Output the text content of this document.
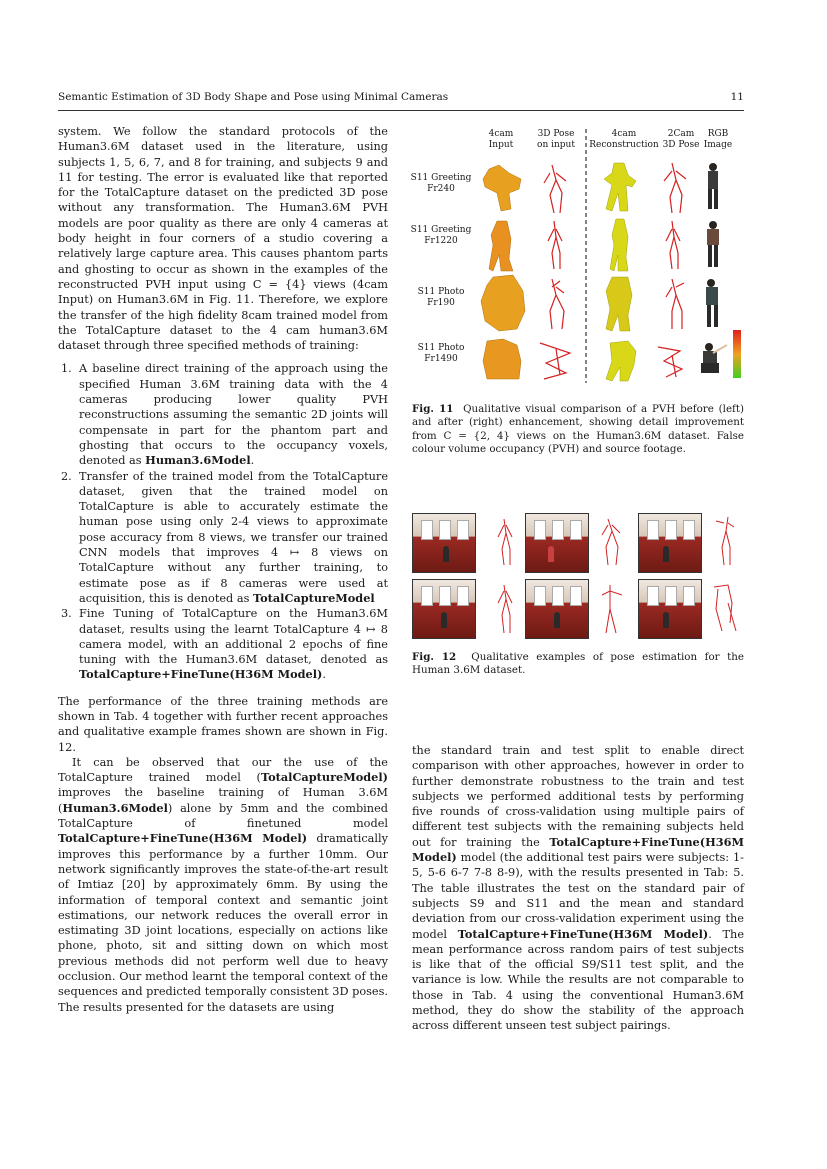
Semantic Estimation of 3D Body Shape and Pose using Minimal Cameras	11

system. We follow the standard protocols of the Human3.6M dataset used in the literature, using subjects 1, 5, 6, 7, and 8 for training, and subjects 9 and 11 for testing. The error is evaluated like that reported for the TotalCapture dataset on the predicted 3D pose without any transformation. The Human3.6M PVH models are poor quality as there are only 4 cameras at body height in four corners of a studio covering a relatively large capture area. This causes phantom parts and ghosting to occur as shown in the examples of the reconstructed PVH input using C = {4} views (4cam Input) on Human3.6M in Fig. 11. Therefore, we explore the transfer of the high fidelity 8cam trained model from the TotalCapture dataset to the 4 cam human3.6M dataset through three specified methods of training:

1. A baseline direct training of the approach using the specified Human 3.6M training data with the 4 cameras producing lower quality PVH reconstructions assuming the semantic 2D joints will compensate in part for the phantom part and ghosting that occurs to the occupancy voxels, denoted as Human3.6Model.
2. Transfer of the trained model from the TotalCapture dataset, given that the trained model on TotalCapture is able to accurately estimate the human pose using only 2-4 views to approximate pose accuracy from 8 views, we transfer our trained CNN models that improves 4 ↦ 8 views on TotalCapture without any further training, to estimate pose as if 8 cameras were used at acquisition, this is denoted as TotalCaptureModel
3. Fine Tuning of TotalCapture on the Human3.6M dataset, results using the learnt TotalCapture 4 ↦ 8 camera model, with an additional 2 epochs of fine tuning with the Human3.6M dataset, denoted as TotalCapture+FineTune(H36M Model).

The performance of the three training methods are shown in Tab. 4 together with further recent approaches and qualitative example frames shown are shown in Fig. 12.

It can be observed that our the use of the TotalCapture trained model (TotalCaptureModel) improves the baseline training of Human 3.6M (Human3.6Model) alone by 5mm and the combined TotalCapture of finetuned model TotalCapture+FineTune(H36M Model) dramatically improves this performance by a further 10mm. Our network significantly improves the state-of-the-art result of Imtiaz [20] by approximately 6mm. By using the information of temporal context and semantic joint estimations, our network reduces the overall error in estimating 3D joint locations, especially on actions like phone, photo, sit and sitting down on which most previous methods did not perform well due to heavy occlusion. Our method learnt the temporal context of the sequences and predicted temporally consistent 3D poses. The results presented for the datasets are using

4cam
Input
3D Pose
on input
4cam
Reconstruction
2Cam
3D Pose
RGB
Image
S11 Greeting
Fr240
S11 Greeting
Fr1220
S11 Photo
Fr190
S11 Photo
Fr1490
Fig. 11 Qualitative visual comparison of a PVH before (left) and after (right) enhancement, showing detail improvement from C = {2, 4} views on the Human3.6M dataset. False colour volume occupancy (PVH) and source footage.
Fig. 12 Qualitative examples of pose estimation for the Human 3.6M dataset.

the standard train and test split to enable direct comparison with other approaches, however in order to further demonstrate robustness to the train and test subjects we performed additional tests by performing five rounds of cross-validation using multiple pairs of different test subjects with the remaining subjects held out for training the TotalCapture+FineTune(H36M Model) model (the additional test pairs were subjects: 1-5, 5-6 6-7 7-8 8-9), with the results presented in Tab: 5. The table illustrates the test on the standard pair of subjects S9 and S11 and the mean and standard deviation from our cross-validation experiment using the model TotalCapture+FineTune(H36M Model). The mean performance across random pairs of test subjects is like that of the official S9/S11 test split, and the variance is low. While the results are not comparable to those in Tab. 4 using the conventional Human3.6M method, they do show the stability of the approach across different unseen test subject pairings.
